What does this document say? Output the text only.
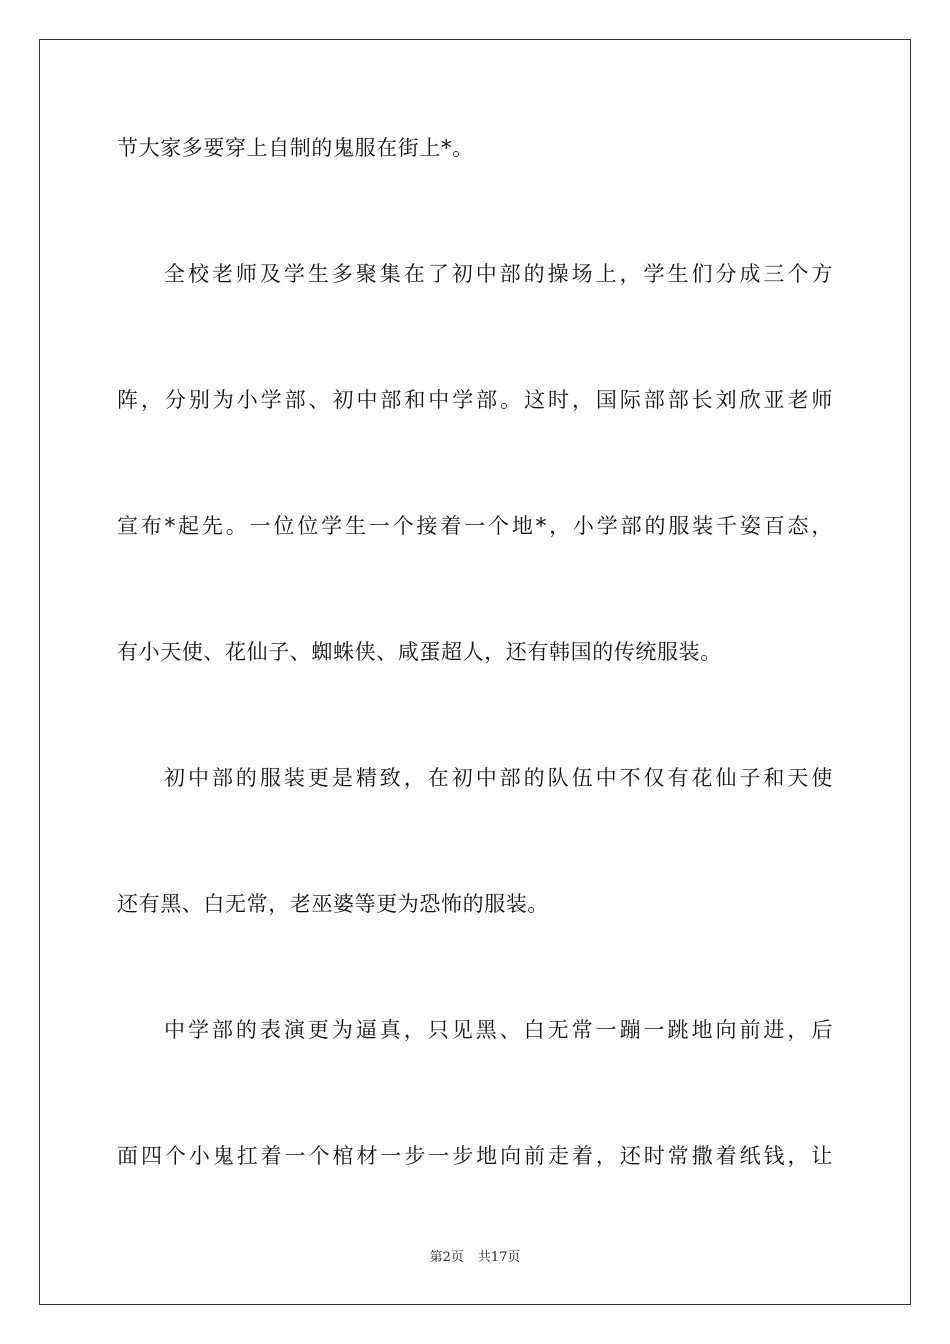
节大家多要穿上自制的鬼服在街上*。
全校老师及学生多聚集在了初中部的操场上，学生们分成三个方
阵，分别为小学部、初中部和中学部。这时，国际部部长刘欣亚老师
宣布*起先。一位位学生一个接着一个地*，小学部的服装千姿百态，
有小天使、花仙子、蜘蛛侠、咸蛋超人，还有韩国的传统服装。
初中部的服装更是精致，在初中部的队伍中不仅有花仙子和天使
还有黑、白无常，老巫婆等更为恐怖的服装。
中学部的表演更为逼真，只见黑、白无常一蹦一跳地向前进，后
面四个小鬼扛着一个棺材一步一步地向前走着，还时常撒着纸钱，让
第2页 共17页
